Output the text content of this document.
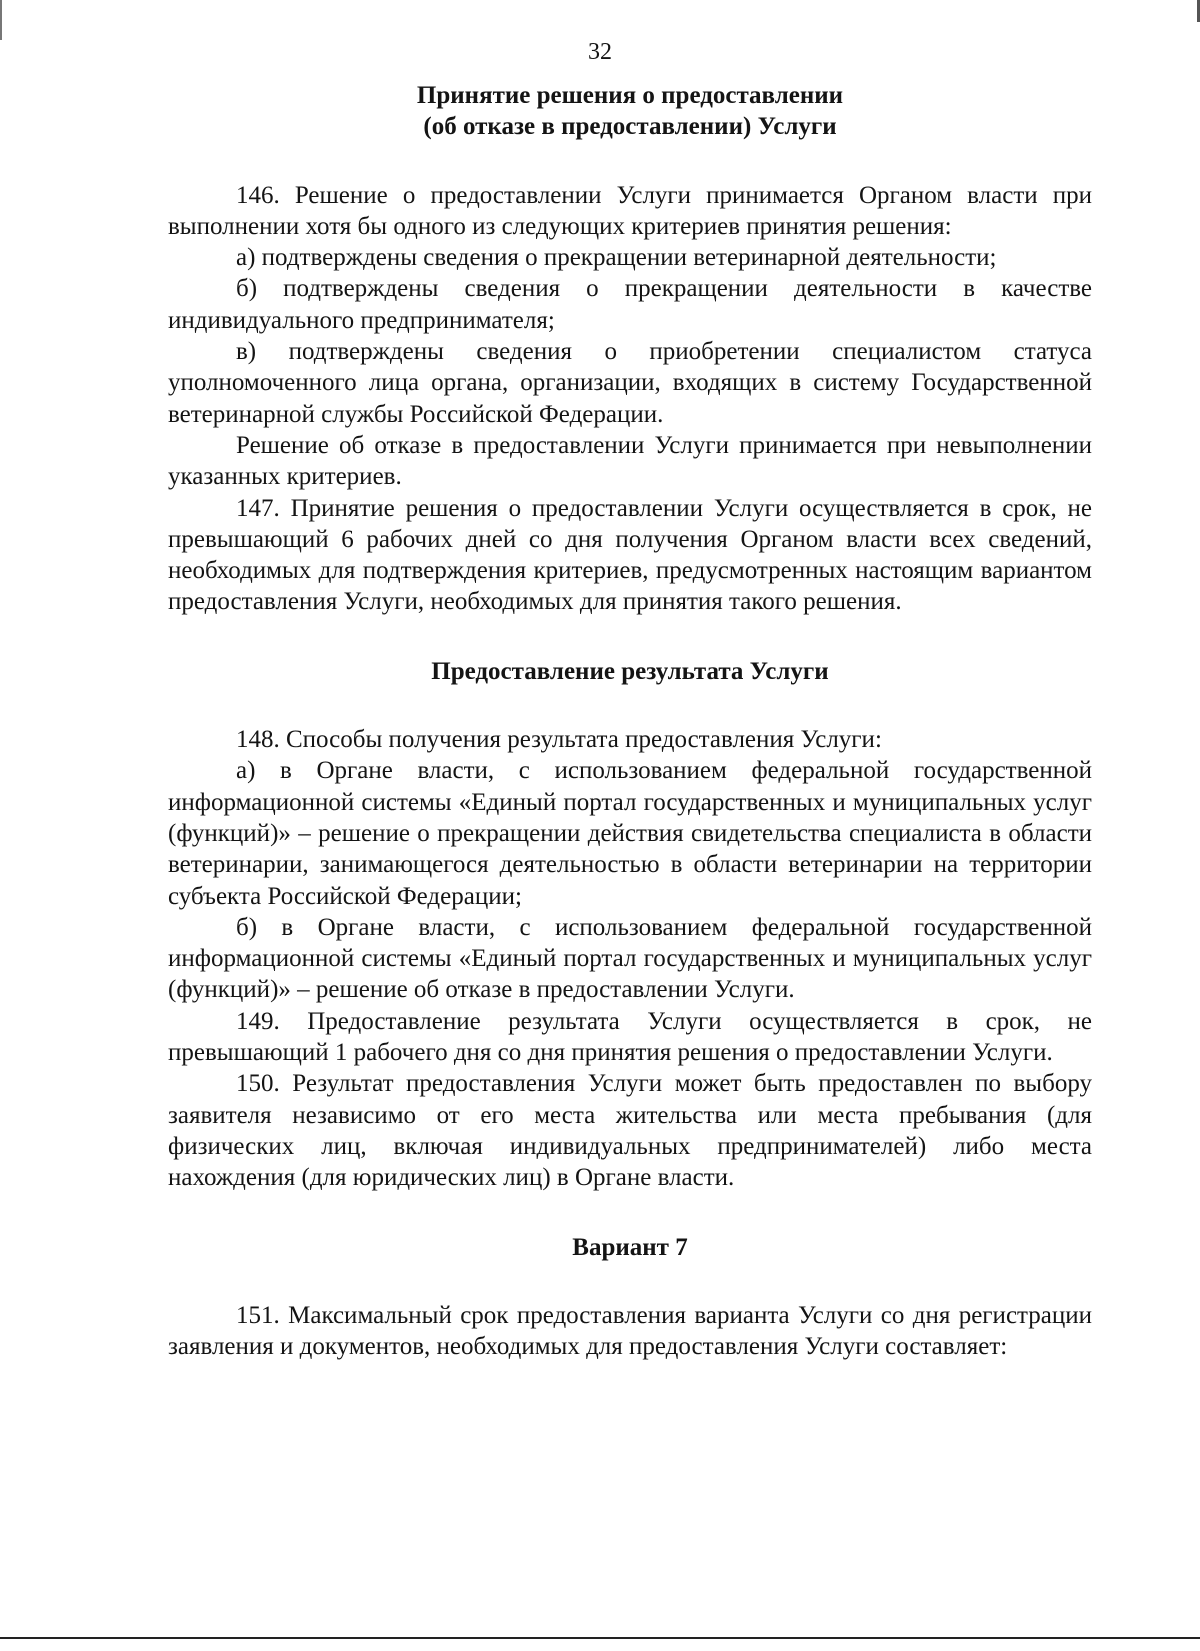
32
Принятие решения о предоставлении
(об отказе в предоставлении) Услуги

146. Решение о предоставлении Услуги принимается Органом власти при выполнении хотя бы одного из следующих критериев принятия решения:

а) подтверждены сведения о прекращении ветеринарной деятельности;

б) подтверждены сведения о прекращении деятельности в качестве индивидуального предпринимателя;

в) подтверждены сведения о приобретении специалистом статуса уполномоченного лица органа, организации, входящих в систему Государственной ветеринарной службы Российской Федерации.

Решение об отказе в предоставлении Услуги принимается при невыполнении указанных критериев.

147. Принятие решения о предоставлении Услуги осуществляется в срок, не превышающий 6 рабочих дней со дня получения Органом власти всех сведений, необходимых для подтверждения критериев, предусмотренных настоящим вариантом предоставления Услуги, необходимых для принятия такого решения.

Предоставление результата Услуги

148. Способы получения результата предоставления Услуги:

а) в Органе власти, с использованием федеральной государственной информационной системы «Единый портал государственных и муниципальных услуг (функций)» – решение о прекращении действия свидетельства специалиста в области ветеринарии, занимающегося деятельностью в области ветеринарии на территории субъекта Российской Федерации;

б) в Органе власти, с использованием федеральной государственной информационной системы «Единый портал государственных и муниципальных услуг (функций)» – решение об отказе в предоставлении Услуги.

149. Предоставление результата Услуги осуществляется в срок, не превышающий 1 рабочего дня со дня принятия решения о предоставлении Услуги.

150. Результат предоставления Услуги может быть предоставлен по выбору заявителя независимо от его места жительства или места пребывания (для физических лиц, включая индивидуальных предпринимателей) либо места нахождения (для юридических лиц) в Органе власти.

Вариант 7

151. Максимальный срок предоставления варианта Услуги со дня регистрации заявления и документов, необходимых для предоставления Услуги составляет:
